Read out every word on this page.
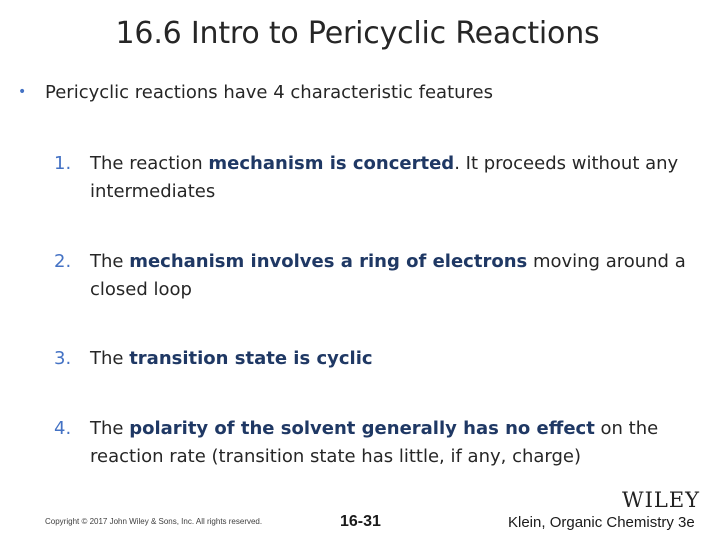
16.6 Intro to Pericyclic Reactions
• Pericyclic reactions have 4 characteristic features
1.	The reaction mechanism is concerted. It proceeds without any intermediates
2.	The mechanism involves a ring of electrons moving around a closed loop
3.	The transition state is cyclic
4.	The polarity of the solvent generally has no effect on the reaction rate (transition state has little, if any, charge)
Copyright © 2017 John Wiley & Sons, Inc. All rights reserved.	16-31
WILEY
Klein, Organic Chemistry 3e
